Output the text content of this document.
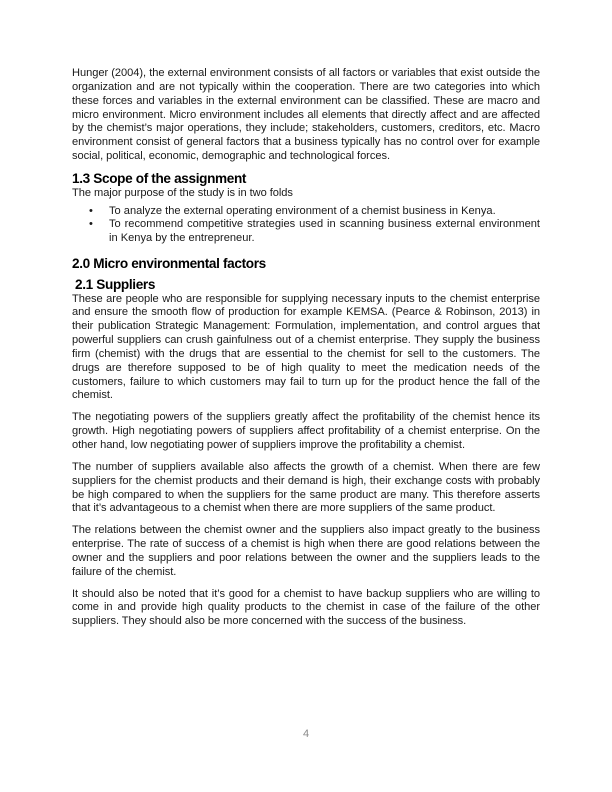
Hunger (2004), the external environment consists of all factors or variables that exist outside the organization and are not typically within the cooperation. There are two categories into which these forces and variables in the external environment can be classified. These are macro and micro environment. Micro environment includes all elements that directly affect and are affected by the chemist’s major operations, they include; stakeholders, customers, creditors, etc. Macro environment consist of general factors that a business typically has no control over for example social, political, economic, demographic and technological forces.

1.3 Scope of the assignment

The major purpose of the study is in two folds

• To analyze the external operating environment of a chemist business in Kenya.
• To recommend competitive strategies used in scanning business external environment in Kenya by the entrepreneur.
2.0 Micro environmental factors
2.1 Suppliers

These are people who are responsible for supplying necessary inputs to the chemist enterprise and ensure the smooth flow of production for example KEMSA. (Pearce & Robinson, 2013) in their publication Strategic Management: Formulation, implementation, and control argues that powerful suppliers can crush gainfulness out of a chemist enterprise. They supply the business firm (chemist) with the drugs that are essential to the chemist for sell to the customers. The drugs are therefore supposed to be of high quality to meet the medication needs of the customers, failure to which customers may fail to turn up for the product hence the fall of the chemist.

The negotiating powers of the suppliers greatly affect the profitability of the chemist hence its growth. High negotiating powers of suppliers affect profitability of a chemist enterprise. On the other hand, low negotiating power of suppliers improve the profitability a chemist.

The number of suppliers available also affects the growth of a chemist. When there are few suppliers for the chemist products and their demand is high, their exchange costs with probably be high compared to when the suppliers for the same product are many. This therefore asserts that it’s advantageous to a chemist when there are more suppliers of the same product.

The relations between the chemist owner and the suppliers also impact greatly to the business enterprise. The rate of success of a chemist is high when there are good relations between the owner and the suppliers and poor relations between the owner and the suppliers leads to the failure of the chemist.

It should also be noted that it’s good for a chemist to have backup suppliers who are willing to come in and provide high quality products to the chemist in case of the failure of the other suppliers. They should also be more concerned with the success of the business.

4
